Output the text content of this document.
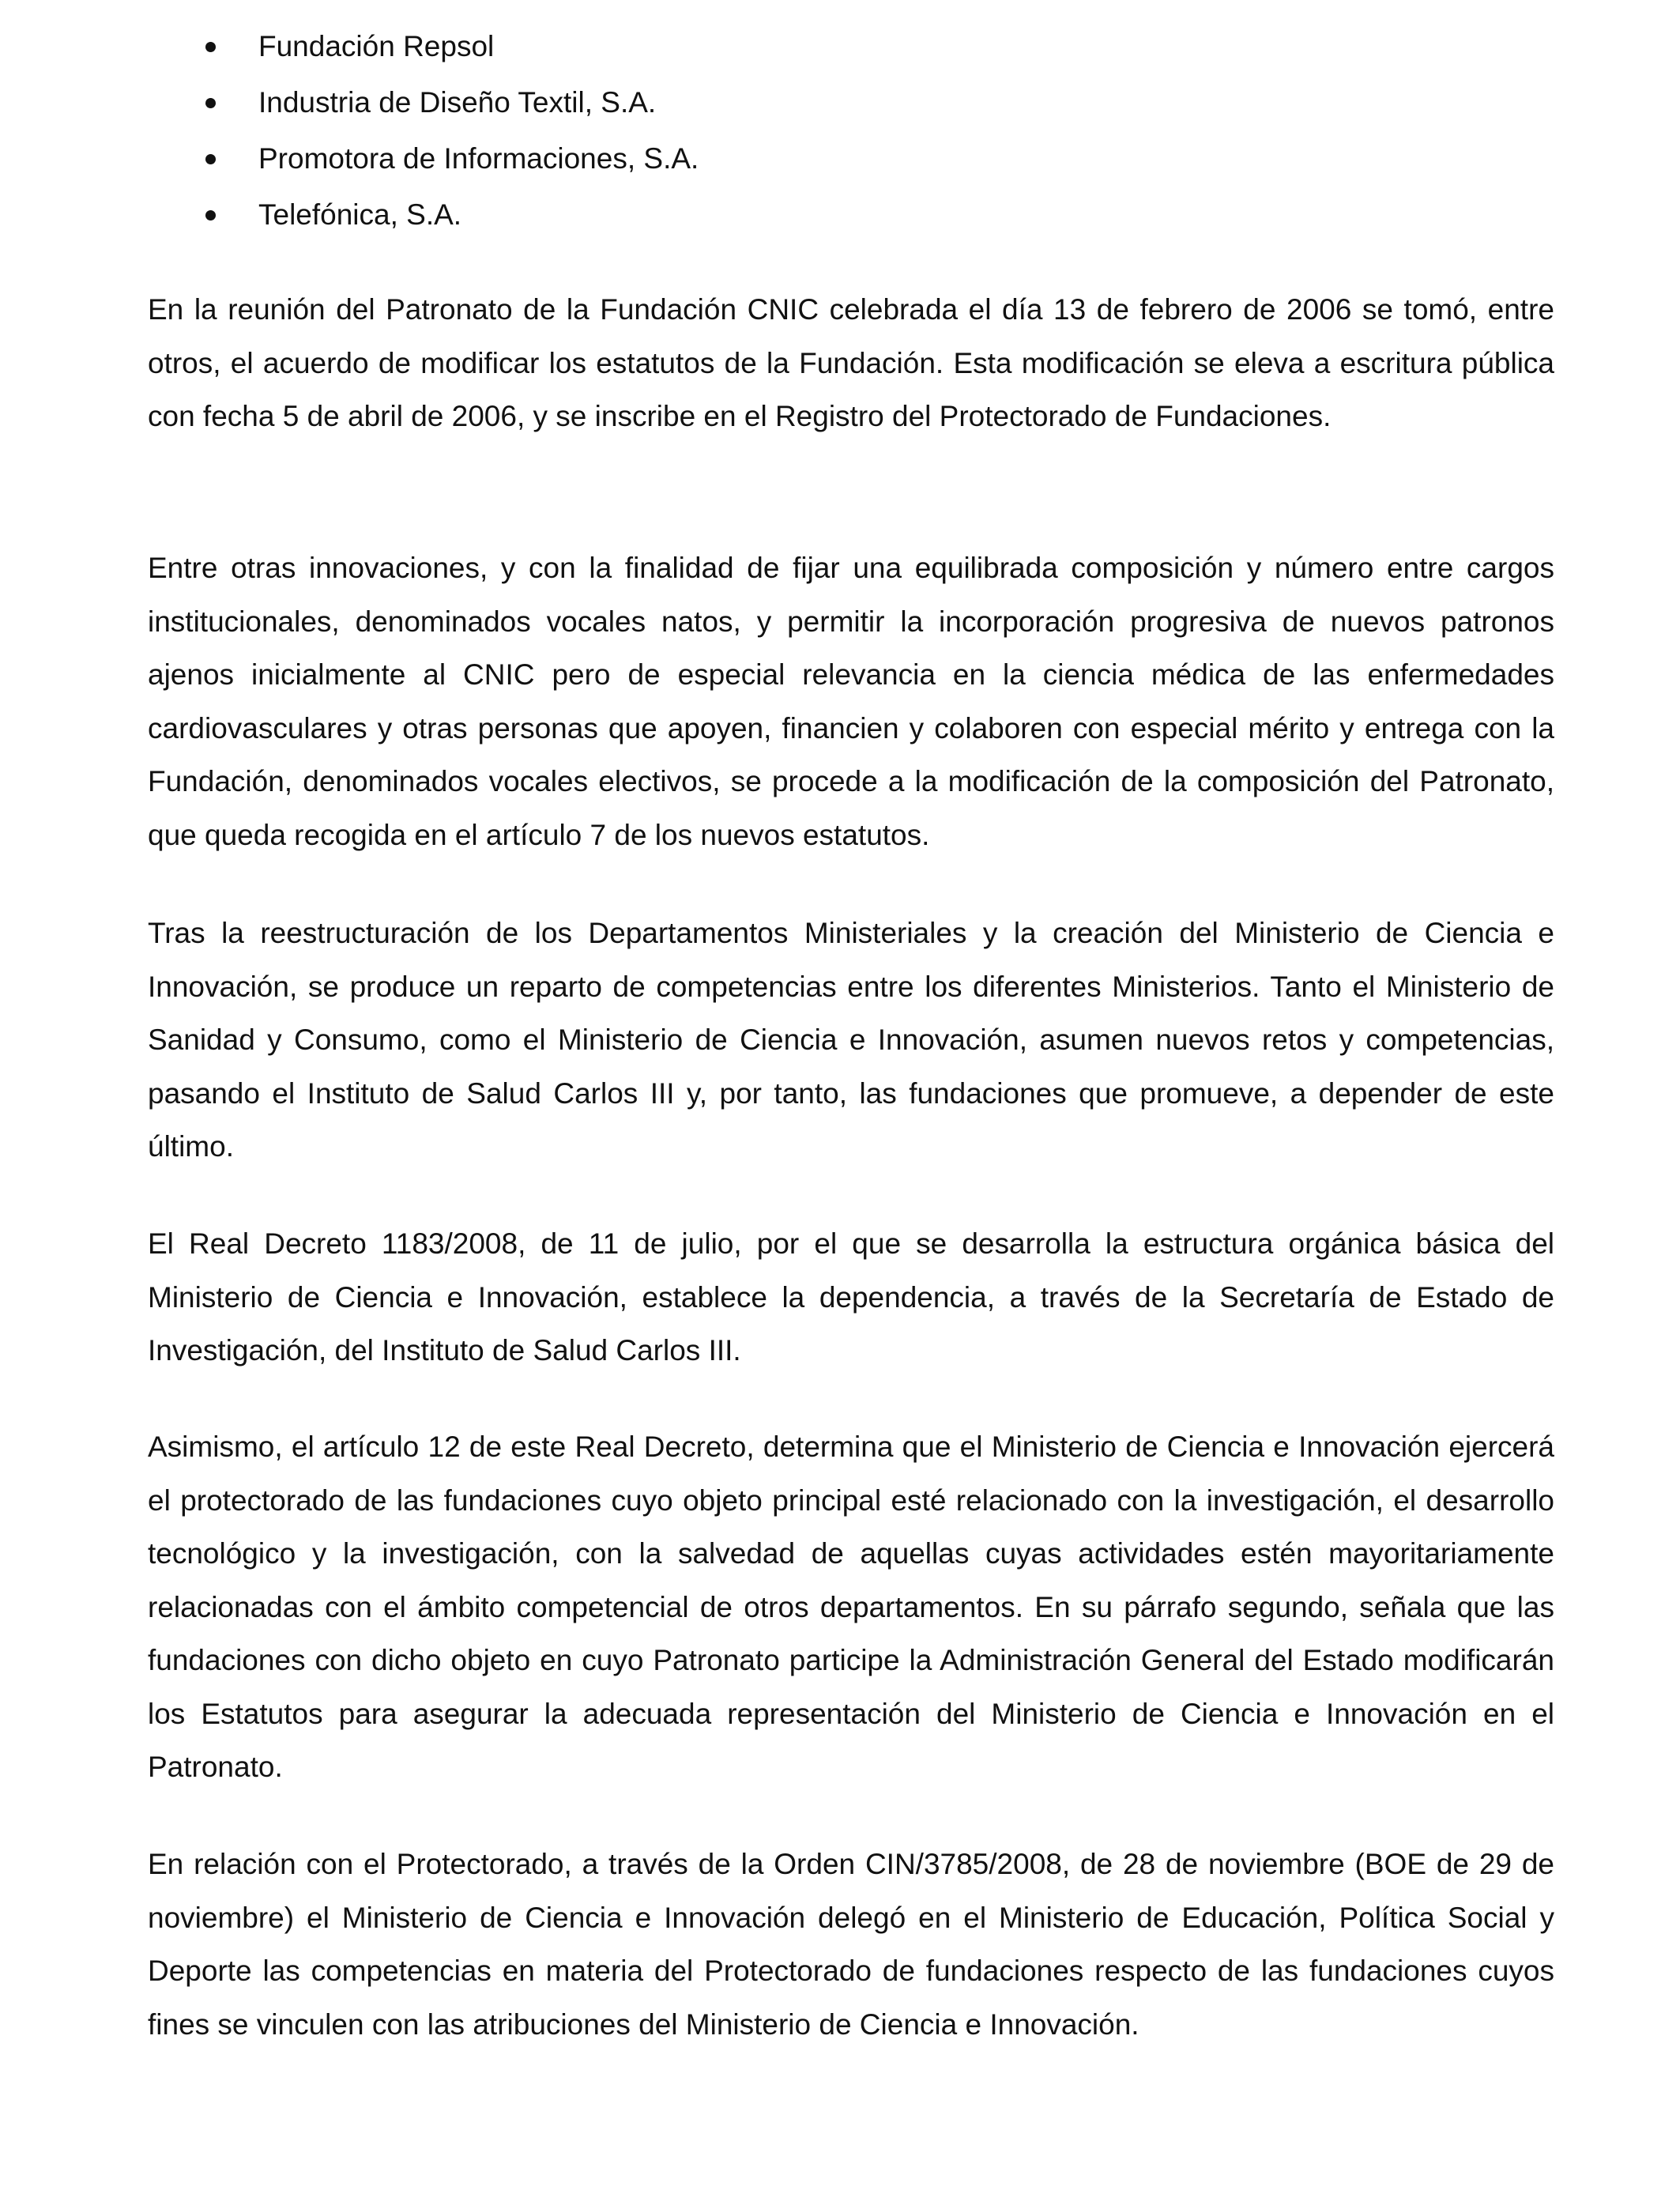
Fundación Repsol
Industria de Diseño Textil, S.A.
Promotora de Informaciones, S.A.
Telefónica, S.A.

En la reunión del Patronato de la Fundación CNIC celebrada el día 13 de febrero de 2006 se tomó, entre otros, el acuerdo de modificar los estatutos de la Fundación. Esta modificación se eleva a escritura pública con fecha 5 de abril de 2006, y se inscribe en el Registro del Protectorado de Fundaciones.

Entre otras innovaciones, y con la finalidad de fijar una equilibrada composición y número entre cargos institucionales, denominados vocales natos, y permitir la incorporación progresiva de nuevos patronos ajenos inicialmente al CNIC pero de especial relevancia en la ciencia médica de las enfermedades cardiovasculares y otras personas que apoyen, financien y colaboren con especial mérito y entrega con la Fundación, denominados vocales electivos, se procede a la modificación de la composición del Patronato, que queda recogida en el artículo 7 de los nuevos estatutos.

Tras la reestructuración de los Departamentos Ministeriales y la creación del Ministerio de Ciencia e Innovación, se produce un reparto de competencias entre los diferentes Ministerios. Tanto el Ministerio de Sanidad y Consumo, como el Ministerio de Ciencia e Innovación, asumen nuevos retos y competencias, pasando el Instituto de Salud Carlos III y, por tanto, las fundaciones que promueve, a depender de este último.

El Real Decreto 1183/2008, de 11 de julio, por el que se desarrolla la estructura orgánica básica del Ministerio de Ciencia e Innovación, establece la dependencia, a través de la Secretaría de Estado de Investigación, del Instituto de Salud Carlos III.

Asimismo, el artículo 12 de este Real Decreto, determina que el Ministerio de Ciencia e Innovación ejercerá el protectorado de las fundaciones cuyo objeto principal esté relacionado con la investigación, el desarrollo tecnológico y la investigación, con la salvedad de aquellas cuyas actividades estén mayoritariamente relacionadas con el ámbito competencial de otros departamentos. En su párrafo segundo, señala que las fundaciones con dicho objeto en cuyo Patronato participe la Administración General del Estado modificarán los Estatutos para asegurar la adecuada representación del Ministerio de Ciencia e Innovación en el Patronato.

En relación con el Protectorado, a través de la Orden CIN/3785/2008, de 28 de noviembre (BOE de 29 de noviembre) el Ministerio de Ciencia e Innovación delegó en el Ministerio de Educación, Política Social y Deporte las competencias en materia del Protectorado de fundaciones respecto de las fundaciones cuyos fines se vinculen con las atribuciones del Ministerio de Ciencia e Innovación.
